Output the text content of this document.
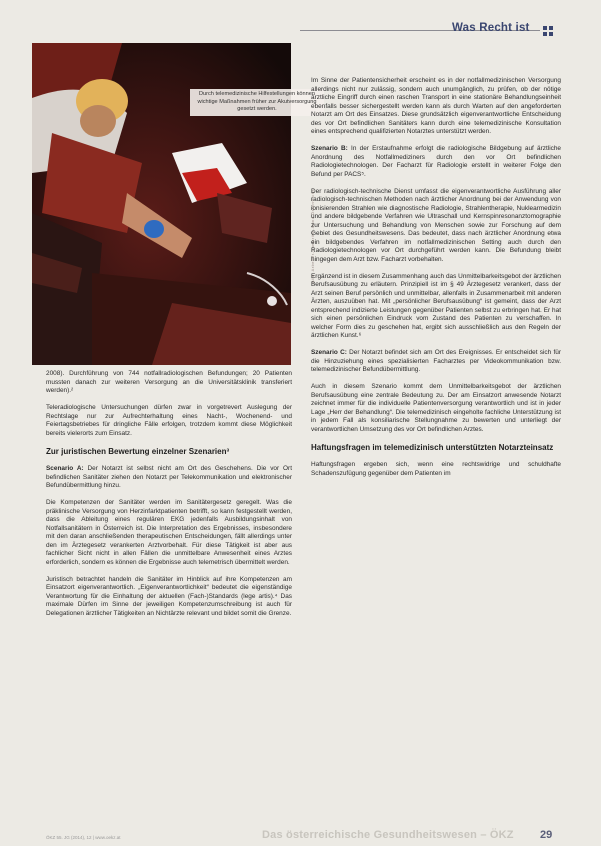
Was Recht ist
Durch telemedizinische Hilfestellungen können wichtige Maßnahmen früher zur Akutversorgung gesetzt werden.
Bild: Arbeiter-Samariter-Bund Österreichs

2008). Durchführung von 744 notfallradiologischen Befundungen; 20 Patienten mussten danach zur weiteren Versorgung an die Universitätsklinik transferiert werden).²

Teleradiologische Untersuchungen dürfen zwar in vorgetrevert Auslegung der Rechtslage nur zur Aufrechterhaltung eines Nacht-, Wochenend- und Feiertagsbetriebes für dringliche Fälle erfolgen, trotzdem kommt diese Möglichkeit bereits vielerorts zum Einsatz.

Zur juristischen Bewertung einzelner Szenarien³

Scenario A: Der Notarzt ist selbst nicht am Ort des Geschehens. Die vor Ort befindlichen Sanitäter ziehen den Notarzt per Telekommunikation und elektronischer Befundübermittlung hinzu.

Die Kompetenzen der Sanitäter werden im Sanitätergesetz geregelt. Was die präklinische Versorgung von Herzinfarktpatienten betrifft, so kann festgestellt werden, dass die Ableitung eines regulären EKG jedenfalls Ausbildungsinhalt von Notfallsanitätern in Österreich ist. Die Interpretation des Ergebnisses, insbesondere mit den daran anschließenden therapeutischen Entscheidungen, fällt allerdings unter den im Ärztegesetz verankerten Arztvorbehalt. Für diese Tätigkeit ist aber aus fachlicher Sicht nicht in allen Fällen die unmittelbare Anwesenheit eines Arztes erforderlich, sondern es können die Ergebnisse auch telemetrisch übermittelt werden.

Juristisch betrachtet handeln die Sanitäter im Hinblick auf ihre Kompetenzen am Einsatzort eigenverantwortlich. „Eigenverantwortlichkeit“ bedeutet die eigenständige Verantwortung für die Einhaltung der aktuellen (Fach-)Standards (lege artis).⁴ Das maximale Dürfen im Sinne der jeweiligen Kompetenzumschreibung ist auch für Delegationen ärztlicher Tätigkeiten an Nichtärzte relevant und bildet somit die Grenze.

Im Sinne der Patientensicherheit erscheint es in der notfallmedizinischen Versorgung allerdings nicht nur zulässig, sondern auch unumgänglich, zu prüfen, ob der nötige ärztliche Eingriff durch einen raschen Transport in eine stationäre Behandlungseinheit ebenfalls besser sichergestellt werden kann als durch Warten auf den angeforderten Notarzt am Ort des Einsatzes. Diese grundsätzlich eigenverantwortliche Entscheidung des vor Ort befindlichen Sanitäters kann durch eine telemedizinische Konsultation eines entsprechend qualifizierten Notarztes unterstützt werden.

Szenario B: In der Erstaufnahme erfolgt die radiologische Bildgebung auf ärztliche Anordnung des Notfallmediziners durch den vor Ort befindlichen Radiologietechnologen. Der Facharzt für Radiologie erstellt in weiterer Folge den Befund per PACS⁵.

Der radiologisch-technische Dienst umfasst die eigenverantwortliche Ausführung aller radiologisch-technischen Methoden nach ärztlicher Anordnung bei der Anwendung von ionisierenden Strahlen wie diagnostische Radiologie, Strahlentherapie, Nuklearmedizin und andere bildgebende Verfahren wie Ultraschall und Kernspinresonanztomographie zur Untersuchung und Behandlung von Menschen sowie zur Forschung auf dem Gebiet des Gesundheitswesens. Das bedeutet, dass nach ärztlicher Anordnung etwa ein bildgebendes Verfahren im notfallmedizinischen Setting auch durch den Radiologietechnologen vor Ort durchgeführt werden kann. Die Befundung bleibt hingegen dem Arzt bzw. Facharzt vorbehalten.

Ergänzend ist in diesem Zusammenhang auch das Unmittelbarkeitsgebot der ärztlichen Berufsausübung zu erläutern. Prinzipiell ist im § 49 Ärztegesetz verankert, dass der Arzt seinen Beruf persönlich und unmittelbar, allenfalls in Zusammenarbeit mit anderen Ärzten, auszuüben hat. Mit „persönlicher Berufsausübung“ ist gemeint, dass der Arzt entsprechend indizierte Leistungen gegenüber Patienten selbst zu erbringen hat. Er hat sich einen persönlichen Eindruck vom Zustand des Patienten zu verschaffen. In welcher Form dies zu geschehen hat, ergibt sich ausschließlich aus den Regeln der ärztlichen Kunst.⁶

Szenario C: Der Notarzt befindet sich am Ort des Ereignisses. Er entscheidet sich für die Hinzuziehung eines spezialisierten Facharztes per Videokommunikation bzw. telemedizinischer Befundübermittlung.

Auch in diesem Szenario kommt dem Unmittelbarkeitsgebot der ärztlichen Berufsausübung eine zentrale Bedeutung zu. Der am Einsatzort anwesende Notarzt zeichnet immer für die individuelle Patientenversorgung verantwortlich und ist in jeder Lage „Herr der Behandlung“. Die telemedizinisch eingeholte fachliche Unterstützung ist in jedem Fall als konsiliarische Stellungnahme zu bewerten und unterliegt der verantwortlichen Umsetzung des vor Ort befindlichen Arztes.

Haftungsfragen im telemedizinisch unterstützten Notarzteinsatz

Haftungsfragen ergeben sich, wenn eine rechtswidrige und schuldhafte Schadenszufügung gegenüber dem Patienten im

ÖKZ 55. JG (2014), 12 | www.oekz.at	Das österreichische Gesundheitswesen – ÖKZ 29
